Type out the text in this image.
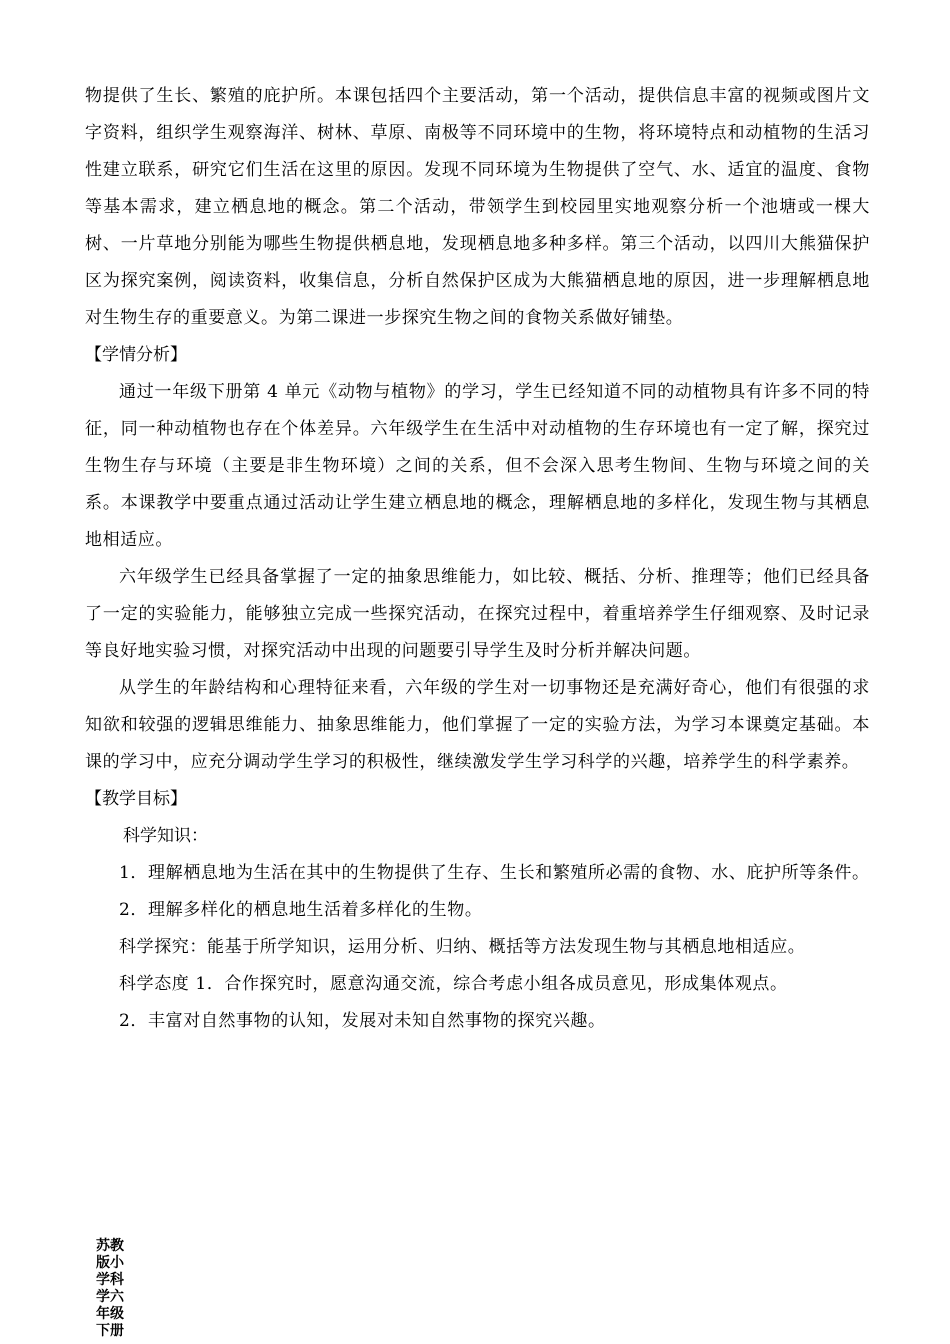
物提供了生长、繁殖的庇护所。本课包括四个主要活动，第一个活动，提供信息丰富的视频或图片文字资料，组织学生观察海洋、树林、草原、南极等不同环境中的生物，将环境特点和动植物的生活习性建立联系，研究它们生活在这里的原因。发现不同环境为生物提供了空气、水、适宜的温度、食物等基本需求，建立栖息地的概念。第二个活动，带领学生到校园里实地观察分析一个池塘或一棵大树、一片草地分别能为哪些生物提供栖息地，发现栖息地多种多样。第三个活动，以四川大熊猫保护区为探究案例，阅读资料，收集信息，分析自然保护区成为大熊猫栖息地的原因，进一步理解栖息地对生物生存的重要意义。为第二课进一步探究生物之间的食物关系做好铺垫。

【学情分析】

通过一年级下册第 4 单元《动物与植物》的学习，学生已经知道不同的动植物具有许多不同的特征，同一种动植物也存在个体差异。六年级学生在生活中对动植物的生存环境也有一定了解，探究过生物生存与环境（主要是非生物环境）之间的关系，但不会深入思考生物间、生物与环境之间的关系。本课教学中要重点通过活动让学生建立栖息地的概念，理解栖息地的多样化，发现生物与其栖息地相适应。

六年级学生已经具备掌握了一定的抽象思维能力，如比较、概括、分析、推理等；他们已经具备了一定的实验能力，能够独立完成一些探究活动，在探究过程中，着重培养学生仔细观察、及时记录等良好地实验习惯，对探究活动中出现的问题要引导学生及时分析并解决问题。

从学生的年龄结构和心理特征来看，六年级的学生对一切事物还是充满好奇心，他们有很强的求知欲和较强的逻辑思维能力、抽象思维能力，他们掌握了一定的实验方法，为学习本课奠定基础。本课的学习中，应充分调动学生学习的积极性，继续激发学生学习科学的兴趣，培养学生的科学素养。

【教学目标】

科学知识：

1．理解栖息地为生活在其中的生物提供了生存、生长和繁殖所必需的食物、水、庇护所等条件。

2．理解多样化的栖息地生活着多样化的生物。

科学探究：能基于所学知识，运用分析、归纳、概括等方法发现生物与其栖息地相适应。

科学态度 1．合作探究时，愿意沟通交流，综合考虑小组各成员意见，形成集体观点。

2．丰富对自然事物的认知，发展对未知自然事物的探究兴趣。

苏教版小学科学六年级下册
